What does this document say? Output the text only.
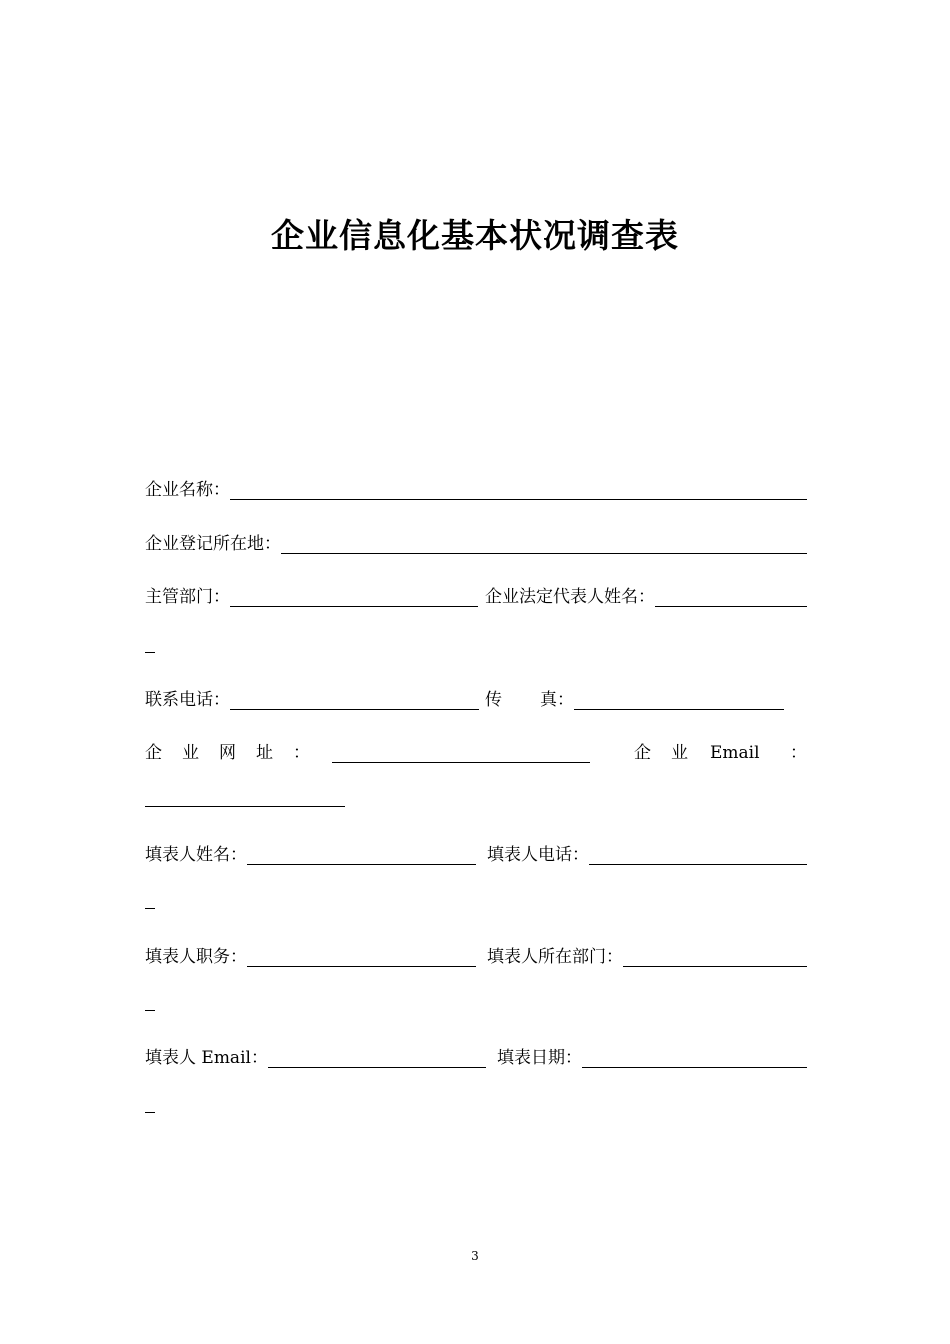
企业信息化基本状况调查表
企业名称：
企业登记所在地：
主管部门：	企业法定代表人姓名：
联系电话：	传 真：
企 业 网 址 ：	企 业 Email ：
填表人姓名：	填表人电话：
填表人职务：	填表人所在部门：
填表人 Email：	填表日期：
3
